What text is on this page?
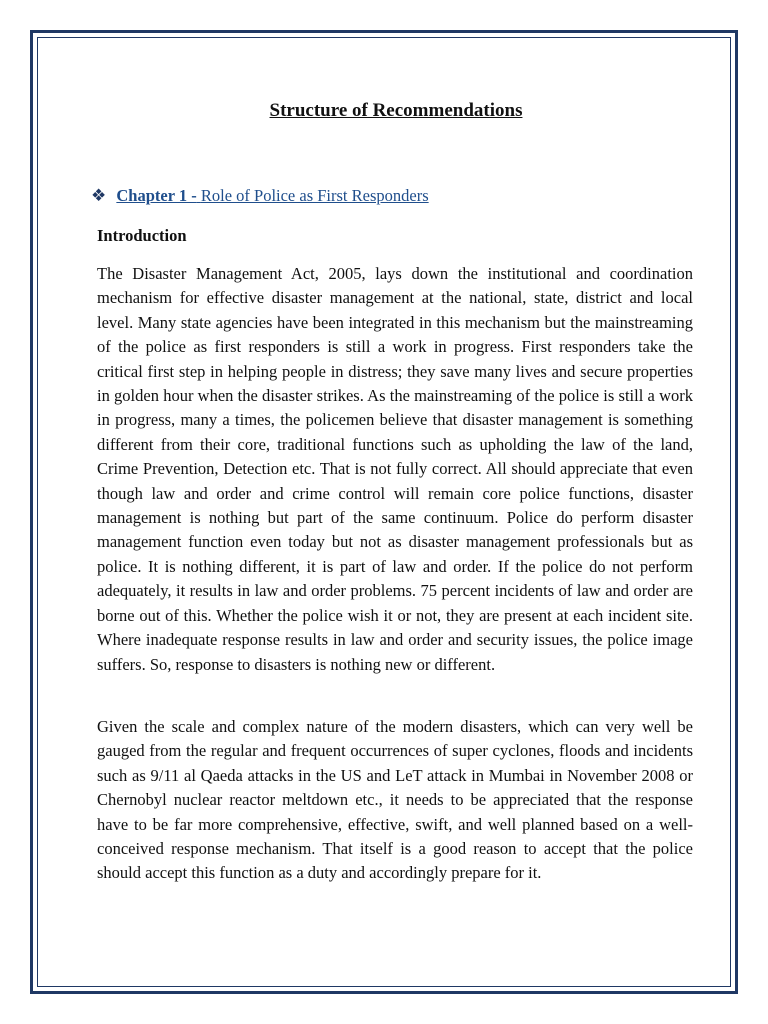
Structure of Recommendations
❖ Chapter 1 - Role of Police as First Responders
Introduction

The Disaster Management Act, 2005, lays down the institutional and coordination mechanism for effective disaster management at the national, state, district and local level. Many state agencies have been integrated in this mechanism but the mainstreaming of the police as first responders is still a work in progress. First responders take the critical first step in helping people in distress; they save many lives and secure properties in golden hour when the disaster strikes. As the mainstreaming of the police is still a work in progress, many a times, the policemen believe that disaster management is something different from their core, traditional functions such as upholding the law of the land, Crime Prevention, Detection etc. That is not fully correct. All should appreciate that even though law and order and crime control will remain core police functions, disaster management is nothing but part of the same continuum. Police do perform disaster management function even today but not as disaster management professionals but as police. It is nothing different, it is part of law and order. If the police do not perform adequately, it results in law and order problems. 75 percent incidents of law and order are borne out of this. Whether the police wish it or not, they are present at each incident site. Where inadequate response results in law and order and security issues, the police image suffers. So, response to disasters is nothing new or different.

Given the scale and complex nature of the modern disasters, which can very well be gauged from the regular and frequent occurrences of super cyclones, floods and incidents such as 9/11 al Qaeda attacks in the US and LeT attack in Mumbai in November 2008 or Chernobyl nuclear reactor meltdown etc., it needs to be appreciated that the response have to be far more comprehensive, effective, swift, and well planned based on a well-conceived response mechanism. That itself is a good reason to accept that the police should accept this function as a duty and accordingly prepare for it.
